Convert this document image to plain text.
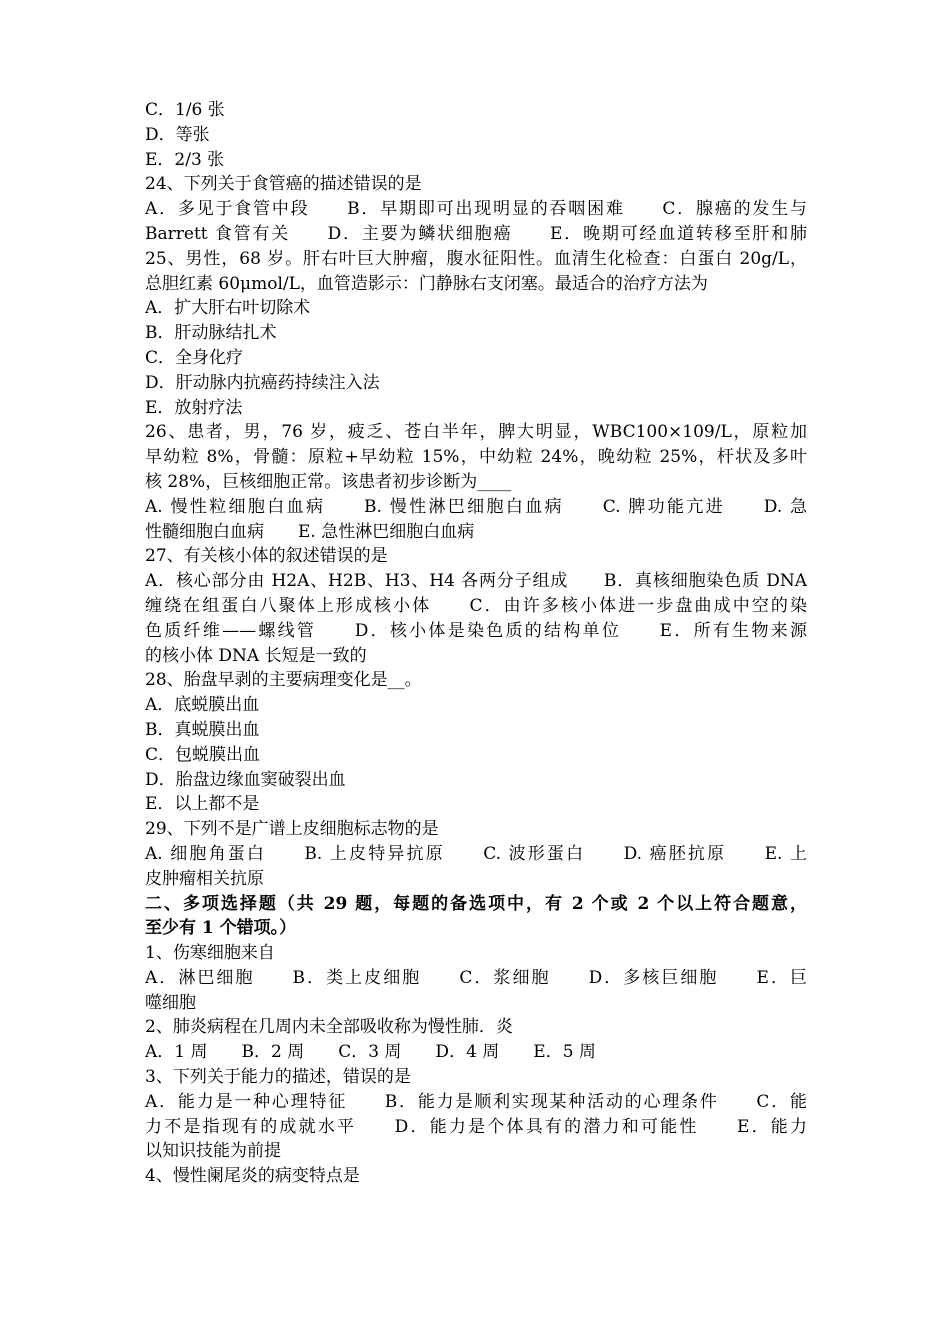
C．1/6 张
D．等张
E．2/3 张
24、下列关于食管癌的描述错误的是
A．多见于食管中段　　B．早期即可出现明显的吞咽困难　　C．腺癌的发生与
Barrett 食管有关　　D．主要为鳞状细胞癌　　E．晚期可经血道转移至肝和肺
25、男性，68 岁。肝右叶巨大肿瘤，腹水征阳性。血清生化检查：白蛋白 20g/L，
总胆红素 60μmol/L，血管造影示：门静脉右支闭塞。最适合的治疗方法为
A．扩大肝右叶切除术
B．肝动脉结扎术
C．全身化疗
D．肝动脉内抗癌药持续注入法
E．放射疗法
26、患者，男，76 岁，疲乏、苍白半年，脾大明显，WBC100×109/L，原粒加
早幼粒 8%，骨髓：原粒+早幼粒 15%，中幼粒 24%，晚幼粒 25%，杆状及多叶
核 28%，巨核细胞正常。该患者初步诊断为____
A. 慢性粒细胞白血病　　B. 慢性淋巴细胞白血病　　C. 脾功能亢进　　D. 急
性髓细胞白血病　　E. 急性淋巴细胞白血病
27、有关核小体的叙述错误的是
A．核心部分由 H2A、H2B、H3、H4 各两分子组成　　B．真核细胞染色质 DNA
缠绕在组蛋白八聚体上形成核小体　　C．由许多核小体进一步盘曲成中空的染
色质纤维——螺线管　　D．核小体是染色质的结构单位　　E．所有生物来源
的核小体 DNA 长短是一致的
28、胎盘早剥的主要病理变化是__。
A．底蜕膜出血
B．真蜕膜出血
C．包蜕膜出血
D．胎盘边缘血窦破裂出血
E．以上都不是
29、下列不是广谱上皮细胞标志物的是
A. 细胞角蛋白　　B. 上皮特异抗原　　C. 波形蛋白　　D. 癌胚抗原　　E. 上
皮肿瘤相关抗原
二、多项选择题（共 29 题，每题的备选项中，有 2 个或 2 个以上符合题意，
至少有 1 个错项。）
1、伤寒细胞来自
A．淋巴细胞　　B．类上皮细胞　　C．浆细胞　　D．多核巨细胞　　E．巨
噬细胞
2、肺炎病程在几周内未全部吸收称为慢性肺．炎
A．1 周　　B．2 周　　C．3 周　　D．4 周　　E．5 周
3、下列关于能力的描述，错误的是
A．能力是一种心理特征　　B．能力是顺利实现某种活动的心理条件　　C．能
力不是指现有的成就水平　　D．能力是个体具有的潜力和可能性　　E．能力
以知识技能为前提
4、慢性阑尾炎的病变特点是
